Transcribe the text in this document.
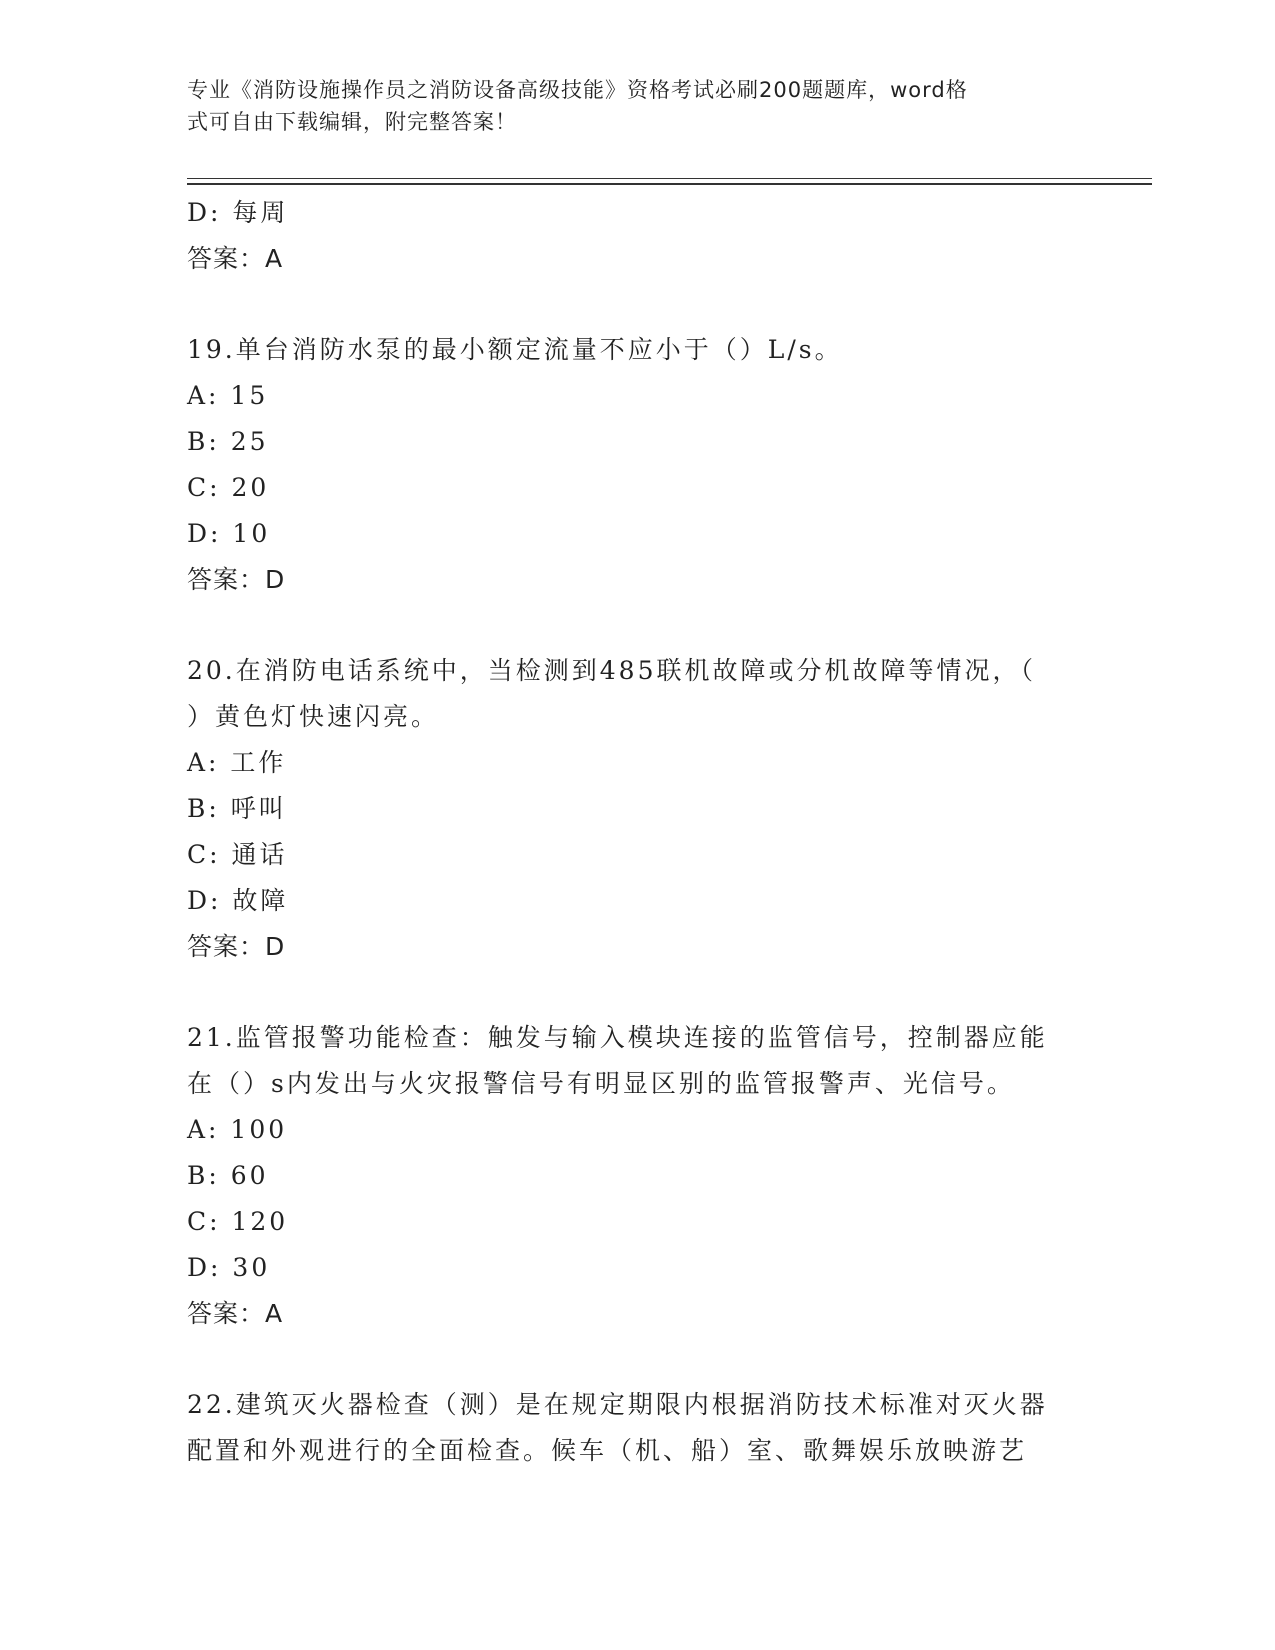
专业《消防设施操作员之消防设备高级技能》资格考试必刷200题题库，word格
式可自由下载编辑，附完整答案！
D: 每周
答案：A
19.单台消防水泵的最小额定流量不应小于（）L/s。
A: 15
B: 25
C: 20
D: 10
答案：D
20.在消防电话系统中，当检测到485联机故障或分机故障等情况，（
）黄色灯快速闪亮。
A: 工作
B: 呼叫
C: 通话
D: 故障
答案：D
21.监管报警功能检查：触发与输入模块连接的监管信号，控制器应能
在（）s内发出与火灾报警信号有明显区别的监管报警声、光信号。
A: 100
B: 60
C: 120
D: 30
答案：A
22.建筑灭火器检查（测）是在规定期限内根据消防技术标准对灭火器
配置和外观进行的全面检查。候车（机、船）室、歌舞娱乐放映游艺
